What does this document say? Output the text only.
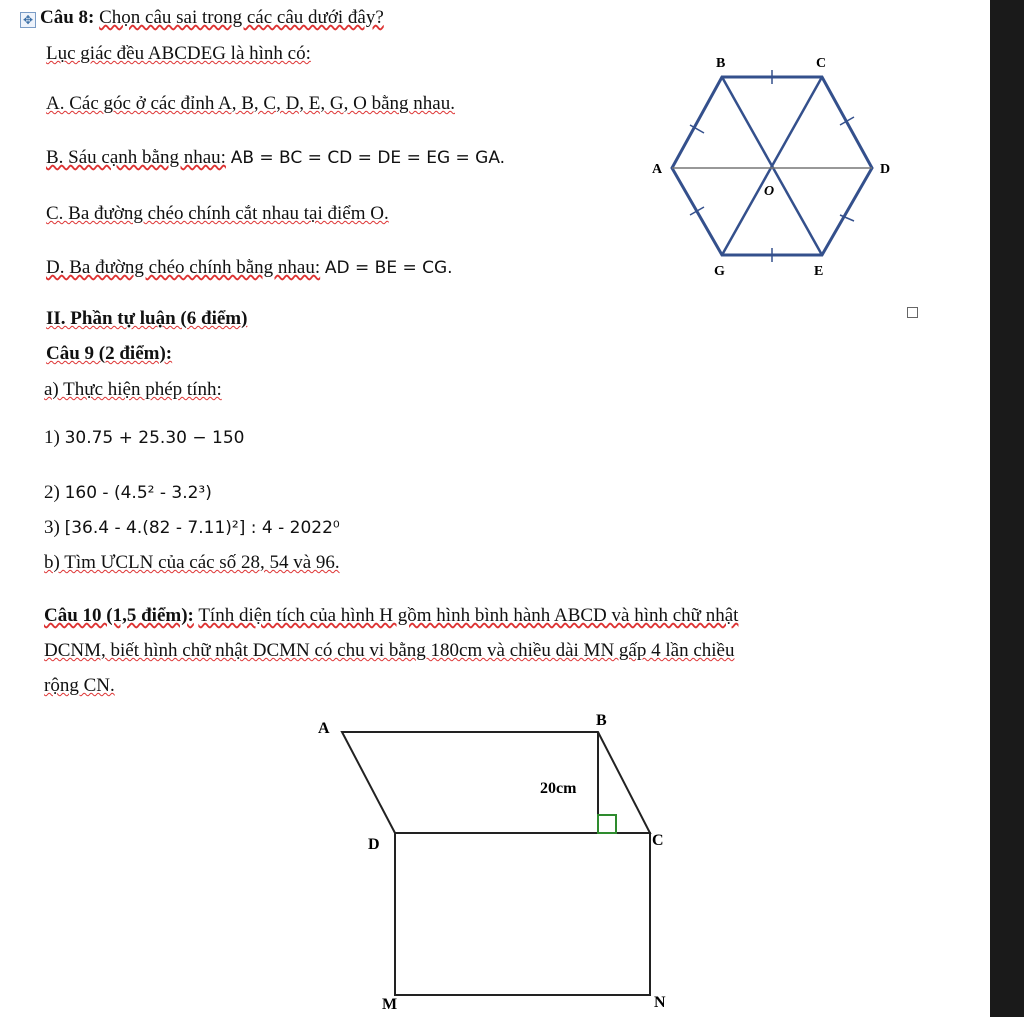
✥ Câu 8: Chọn câu sai trong các câu dưới đây?
Lục giác đều ABCDEG là hình có:
A. Các góc ở các đỉnh A, B, C, D, E, G, O bằng nhau.
B. Sáu cạnh bằng nhau: AB = BC = CD = DE = EG = GA.
C. Ba đường chéo chính cắt nhau tại điểm O.
D. Ba đường chéo chính bằng nhau: AD = BE = CG.
B	C
A	D
O
G	E
II. Phần tự luận (6 điểm)
Câu 9 (2 điểm):
a) Thực hiện phép tính:
1) 30.75 + 25.30 − 150
2) 160 - (4.5² - 3.2³)
3) [36.4 - 4.(82 - 7.11)²] : 4 - 2022⁰
b) Tìm ƯCLN của các số 28, 54 và 96.
Câu 10 (1,5 điểm): Tính diện tích của hình H gồm hình bình hành ABCD và hình chữ nhật
DCNM, biết hình chữ nhật DCMN có chu vi bằng 180cm và chiều dài MN gấp 4 lần chiều
rộng CN.
A	B
C
D
M	N
20cm
